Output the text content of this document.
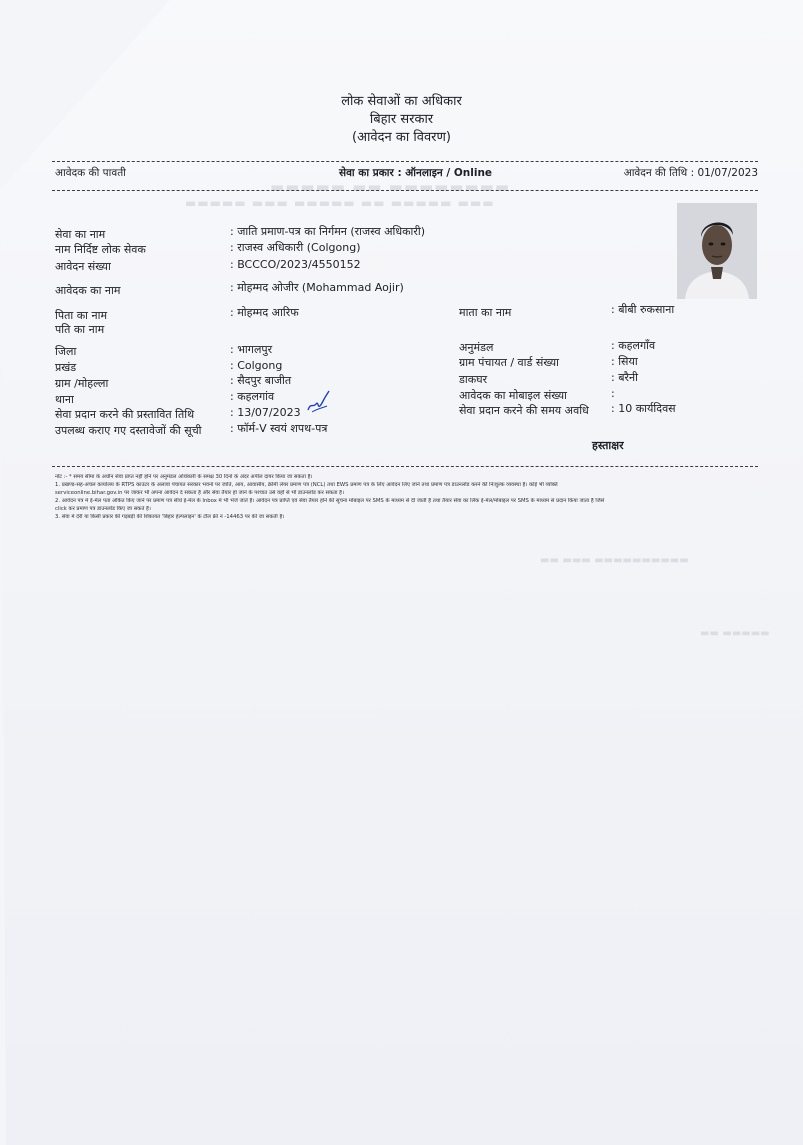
▬▬▬▬▬ ▬▬ ▬▬▬▬▬▬▬▬
▬▬▬▬▬ ▬▬▬ ▬▬▬▬▬ ▬▬ ▬▬▬▬▬ ▬▬▬
▬▬ ▬▬▬ ▬▬▬▬▬▬▬▬▬▬
▬▬ ▬▬▬▬▬
लोक सेवाओं का अधिकार
बिहार सरकार
(आवेदन का विवरण)
आवेदक की पावती	सेवा का प्रकार : ऑनलाइन / Online	आवेदन की तिथि : 01/07/2023
सेवा का नाम	: जाति प्रमाण-पत्र का निर्गमन (राजस्व अधिकारी)
नाम निर्दिष्ट लोक सेवक	: राजस्व अधिकारी (Colgong)
आवेदन संख्या	: BCCCO/2023/4550152
आवेदक का नाम	: मोहम्मद ओजीर (Mohammad Aojir)
पिता का नाम	: मोहम्मद आरिफ
पति का नाम
जिला	: भागलपुर
प्रखंड	: Colgong
ग्राम /मोहल्ला	: सैदपुर बाजीत
थाना	: कहलगांव
सेवा प्रदान करने की प्रस्तावित तिथि	: 13/07/2023
उपलब्ध कराए गए दस्तावेजों की सूची	: फॉर्म-V स्वयं शपथ-पत्र
माता का नाम	: बीबी रुकसाना
अनुमंडल	: कहलगाँव
ग्राम पंचायत / वार्ड संख्या	: सिया
डाकघर	: बरैनी
आवेदक का मोबाइल संख्या	:
सेवा प्रदान करने की समय अवधि : 10 कार्यदिवस
हस्ताक्षर
नोट :- * समय सीमा के अधीन सेवा प्राप्त नहीं होने पर अनुमंडल अधिकारी के समक्ष 30 दिनों के अंदर अपील दायर किया जा सकता है।
1. प्रखण्ड-सह-अंचल कार्यालय के RTPS काउंटर के अलावा पंचायत सरकार भवनों पर जाति, आय, आवासीय, क्रीमी लेयर प्रमाण पत्र (NCL) तथा EWS प्रमाण पत्र के लिए आवेदन लिए जाने तथा प्रमाण पत्र डाउनलोड करने की निःशुल्क व्यवस्था है। कोई भी व्यक्ति
serviceonline.bihar.gov.in पर जाकर भी अपना आवेदन दे सकता है और सेवा तैयार हो जाने के पश्चात उसे वहाँ से भी डाउनलोड कर सकता है।
2. आवेदन पत्र में ई-मेल पता अंकित किए जाने पर प्रमाण पत्र सीधे ई-मेल के Inbox में भी भेजे जाते हैं। आवेदन पत्र प्राप्ति एवं सेवा तैयार होने की सूचना मोबाइल पर SMS के माध्यम से दी जाती है तथा तैयार सेवा का लिंक ई-मेल/मोबाइल पर SMS के माध्यम से प्रदान किया जाता है जिसे
click कर प्रमाण पत्र डाउनलोड किए जा सकते हैं।
3. सेवा में देरी या किसी प्रकार की गड़बड़ी की शिकायत 'बिहार हेल्पलाइन' के टॉल फ्री नं -14463 पर की जा सकती है।
